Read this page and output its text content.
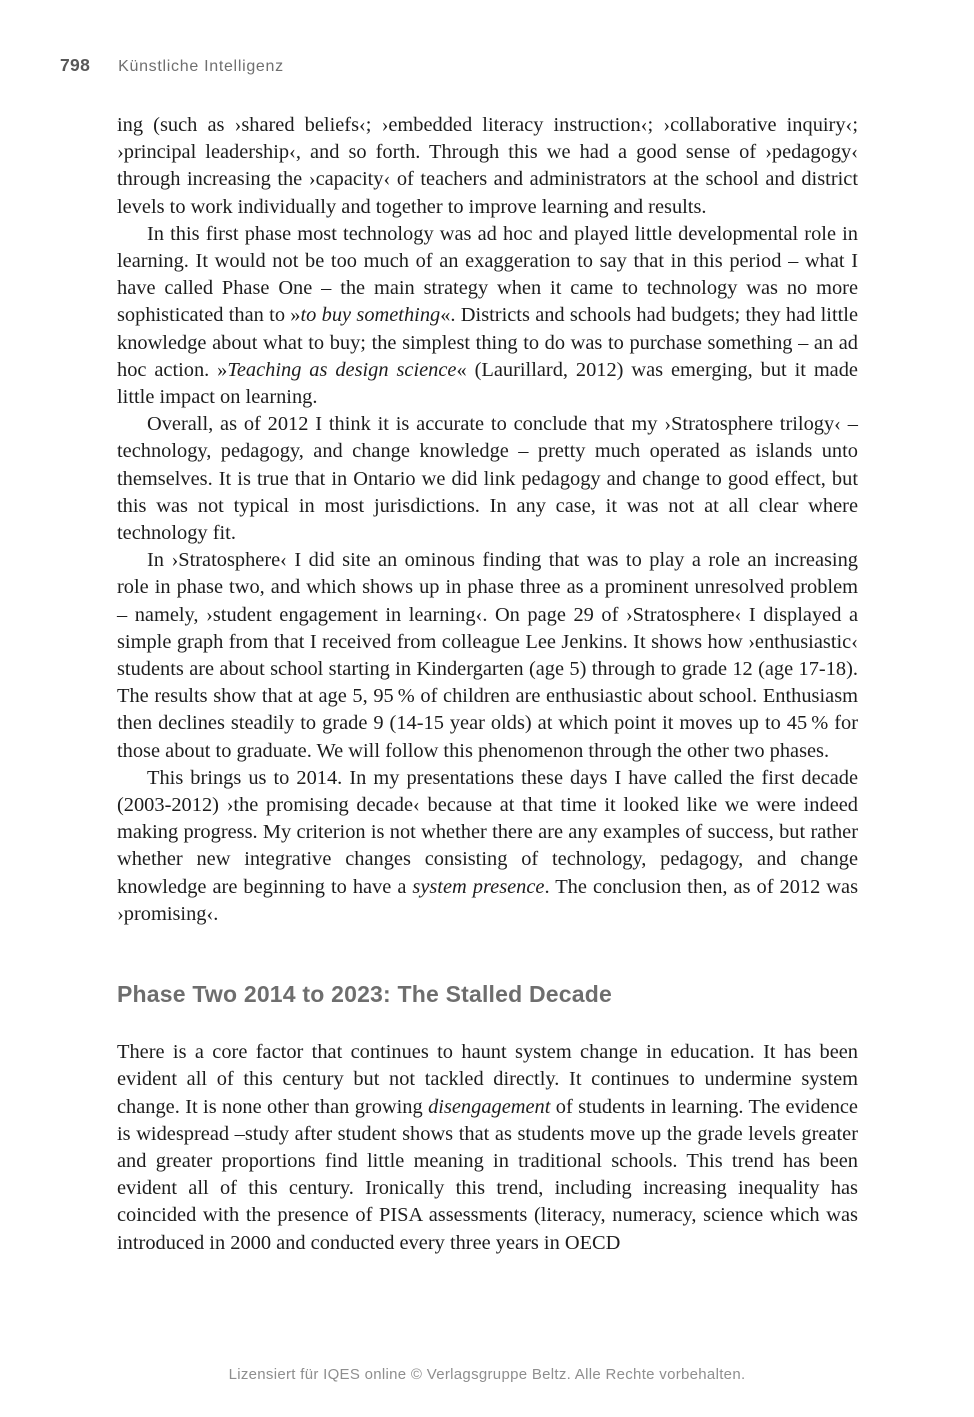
798 Künstliche Intelligenz

ing (such as ›shared beliefs‹; ›embedded literacy instruction‹; ›collaborative inquiry‹; ›principal leadership‹, and so forth. Through this we had a good sense of ›pedagogy‹ through increasing the ›capacity‹ of teachers and administrators at the school and district levels to work individually and together to improve learning and results.

In this first phase most technology was ad hoc and played little developmental role in learning. It would not be too much of an exaggeration to say that in this period – what I have called Phase One – the main strategy when it came to technology was no more sophisticated than to »to buy something«. Districts and schools had budgets; they had little knowledge about what to buy; the simplest thing to do was to purchase something – an ad hoc action. »Teaching as design science« (Laurillard, 2012) was emerging, but it made little impact on learning.

Overall, as of 2012 I think it is accurate to conclude that my ›Stratosphere trilogy‹ – technology, pedagogy, and change knowledge – pretty much operated as islands unto themselves. It is true that in Ontario we did link pedagogy and change to good effect, but this was not typical in most jurisdictions. In any case, it was not at all clear where technology fit.

In ›Stratosphere‹ I did site an ominous finding that was to play a role an increasing role in phase two, and which shows up in phase three as a prominent unresolved problem – namely, ›student engagement in learning‹. On page 29 of ›Stratosphere‹ I displayed a simple graph from that I received from colleague Lee Jenkins. It shows how ›enthusiastic‹ students are about school starting in Kindergarten (age 5) through to grade 12 (age 17-18). The results show that at age 5, 95 % of children are enthusiastic about school. Enthusiasm then declines steadily to grade 9 (14-15 year olds) at which point it moves up to 45 % for those about to graduate. We will follow this phenomenon through the other two phases.

This brings us to 2014. In my presentations these days I have called the first decade (2003-2012) ›the promising decade‹ because at that time it looked like we were indeed making progress. My criterion is not whether there are any examples of success, but rather whether new integrative changes consisting of technology, pedagogy, and change knowledge are beginning to have a system presence. The conclusion then, as of 2012 was ›promising‹.

Phase Two 2014 to 2023: The Stalled Decade

There is a core factor that continues to haunt system change in education. It has been evident all of this century but not tackled directly. It continues to undermine system change. It is none other than growing disengagement of students in learning. The evidence is widespread –study after student shows that as students move up the grade levels greater and greater proportions find little meaning in traditional schools. This trend has been evident all of this century. Ironically this trend, including increasing inequality has coincided with the presence of PISA assessments (literacy, numeracy, science which was introduced in 2000 and conducted every three years in OECD

Lizensiert für IQES online © Verlagsgruppe Beltz. Alle Rechte vorbehalten.
